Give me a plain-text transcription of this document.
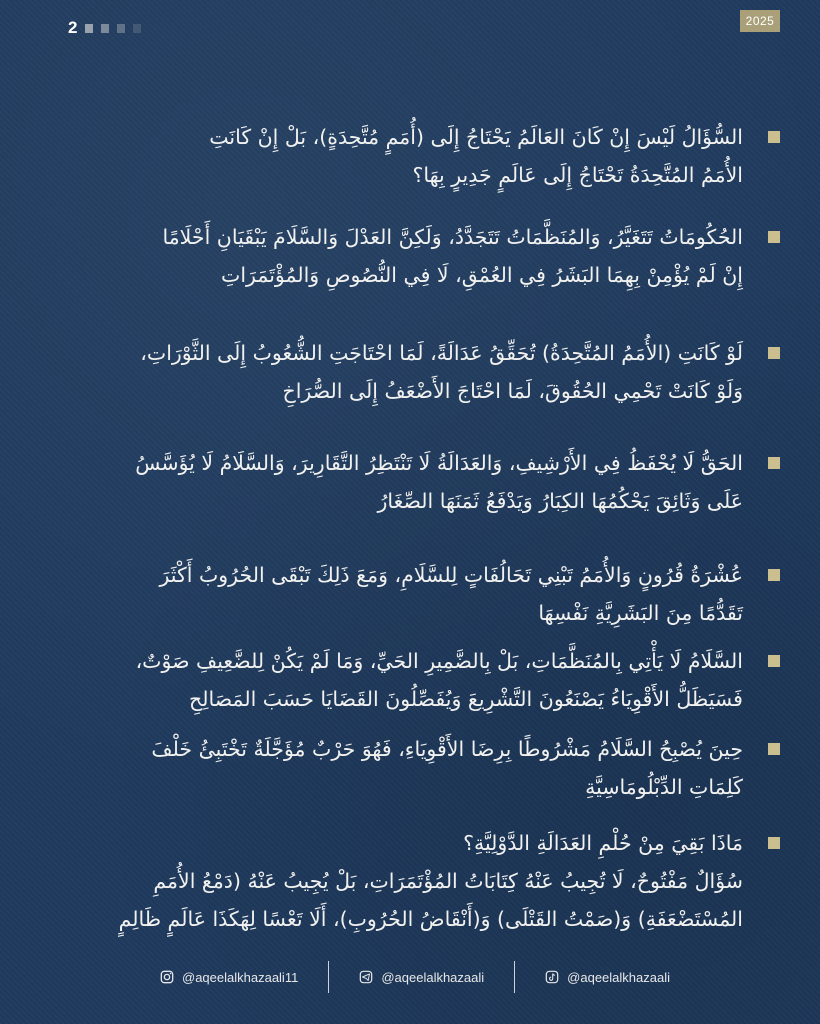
2	2025
السُّؤَالُ لَيْسَ إِنْ كَانَ العَالَمُ يَحْتَاجُ إِلَى (أُمَمٍ مُتَّحِدَةٍ)، بَلْ إِنْ كَانَتِ
الأُمَمُ المُتَّحِدَةُ تَحْتَاجُ إِلَى عَالَمٍ جَدِيرٍ بِهَا؟
الحُكُومَاتُ تَتَغَيَّرُ، وَالمُنَظَّمَاتُ تَتَجَدَّدُ، وَلَكِنَّ العَدْلَ وَالسَّلَامَ يَبْقَيَانِ أَحْلَامًا
إِنْ لَمْ يُؤْمِنْ بِهِمَا البَشَرُ فِي العُمْقِ، لَا فِي النُّصُوصِ وَالمُؤْتَمَرَاتِ
لَوْ كَانَتِ (الأُمَمُ المُتَّحِدَةُ) تُحَقِّقُ عَدَالَةً، لَمَا احْتَاجَتِ الشُّعُوبُ إِلَى الثَّوْرَاتِ،
وَلَوْ كَانَتْ تَحْمِي الحُقُوقَ، لَمَا احْتَاجَ الأَضْعَفُ إِلَى الصُّرَاخِ
الحَقُّ لَا يُحْفَظُ فِي الأَرْشِيفِ، وَالعَدَالَةُ لَا تَنْتَظِرُ التَّقَارِيرَ، وَالسَّلَامُ لَا يُؤَسَّسُ
عَلَى وَثَائِقَ يَحْكُمُهَا الكِبَارُ وَيَدْفَعُ ثَمَنَهَا الصِّغَارُ
عُشْرَةُ قُرُونٍ وَالأُمَمُ تَبْنِي تَحَالُفَاتٍ لِلسَّلَامِ، وَمَعَ ذَلِكَ تَبْقَى الحُرُوبُ أَكْثَرَ
تَقَدُّمًا مِنَ البَشَرِيَّةِ نَفْسِهَا
السَّلَامُ لَا يَأْتِي بِالمُنَظَّمَاتِ، بَلْ بِالضَّمِيرِ الحَيِّ، وَمَا لَمْ يَكُنْ لِلضَّعِيفِ صَوْتٌ،
فَسَيَظَلُّ الأَقْوِيَاءُ يَصْنَعُونَ التَّشْرِيعَ وَيُفَصِّلُونَ القَضَايَا حَسَبَ المَصَالِحِ
حِينَ يُصْبِحُ السَّلَامُ مَشْرُوطًا بِرِضَا الأَقْوِيَاءِ، فَهُوَ حَرْبٌ مُؤَجَّلَةٌ تَخْتَبِئُ خَلْفَ
كَلِمَاتِ الدِّبْلُومَاسِيَّةِ
مَاذَا بَقِيَ مِنْ حُلْمِ العَدَالَةِ الدَّوْلِيَّةِ؟
سُؤَالٌ مَفْتُوحٌ، لَا تُجِيبُ عَنْهُ كِتَابَاتُ المُؤْتَمَرَاتِ، بَلْ يُجِيبُ عَنْهُ (دَمْعُ الأُمَمِ
المُسْتَضْعَفَةِ) وَ(صَمْتُ القَتْلَى) وَ(أَنْقَاضُ الحُرُوبِ)، أَلَا تَعْسًا لِهَكَذَا عَالَمٍ ظَالِمٍ
@aqeelalkhazaali11	@aqeelalkhazaali	@aqeelalkhazaali
